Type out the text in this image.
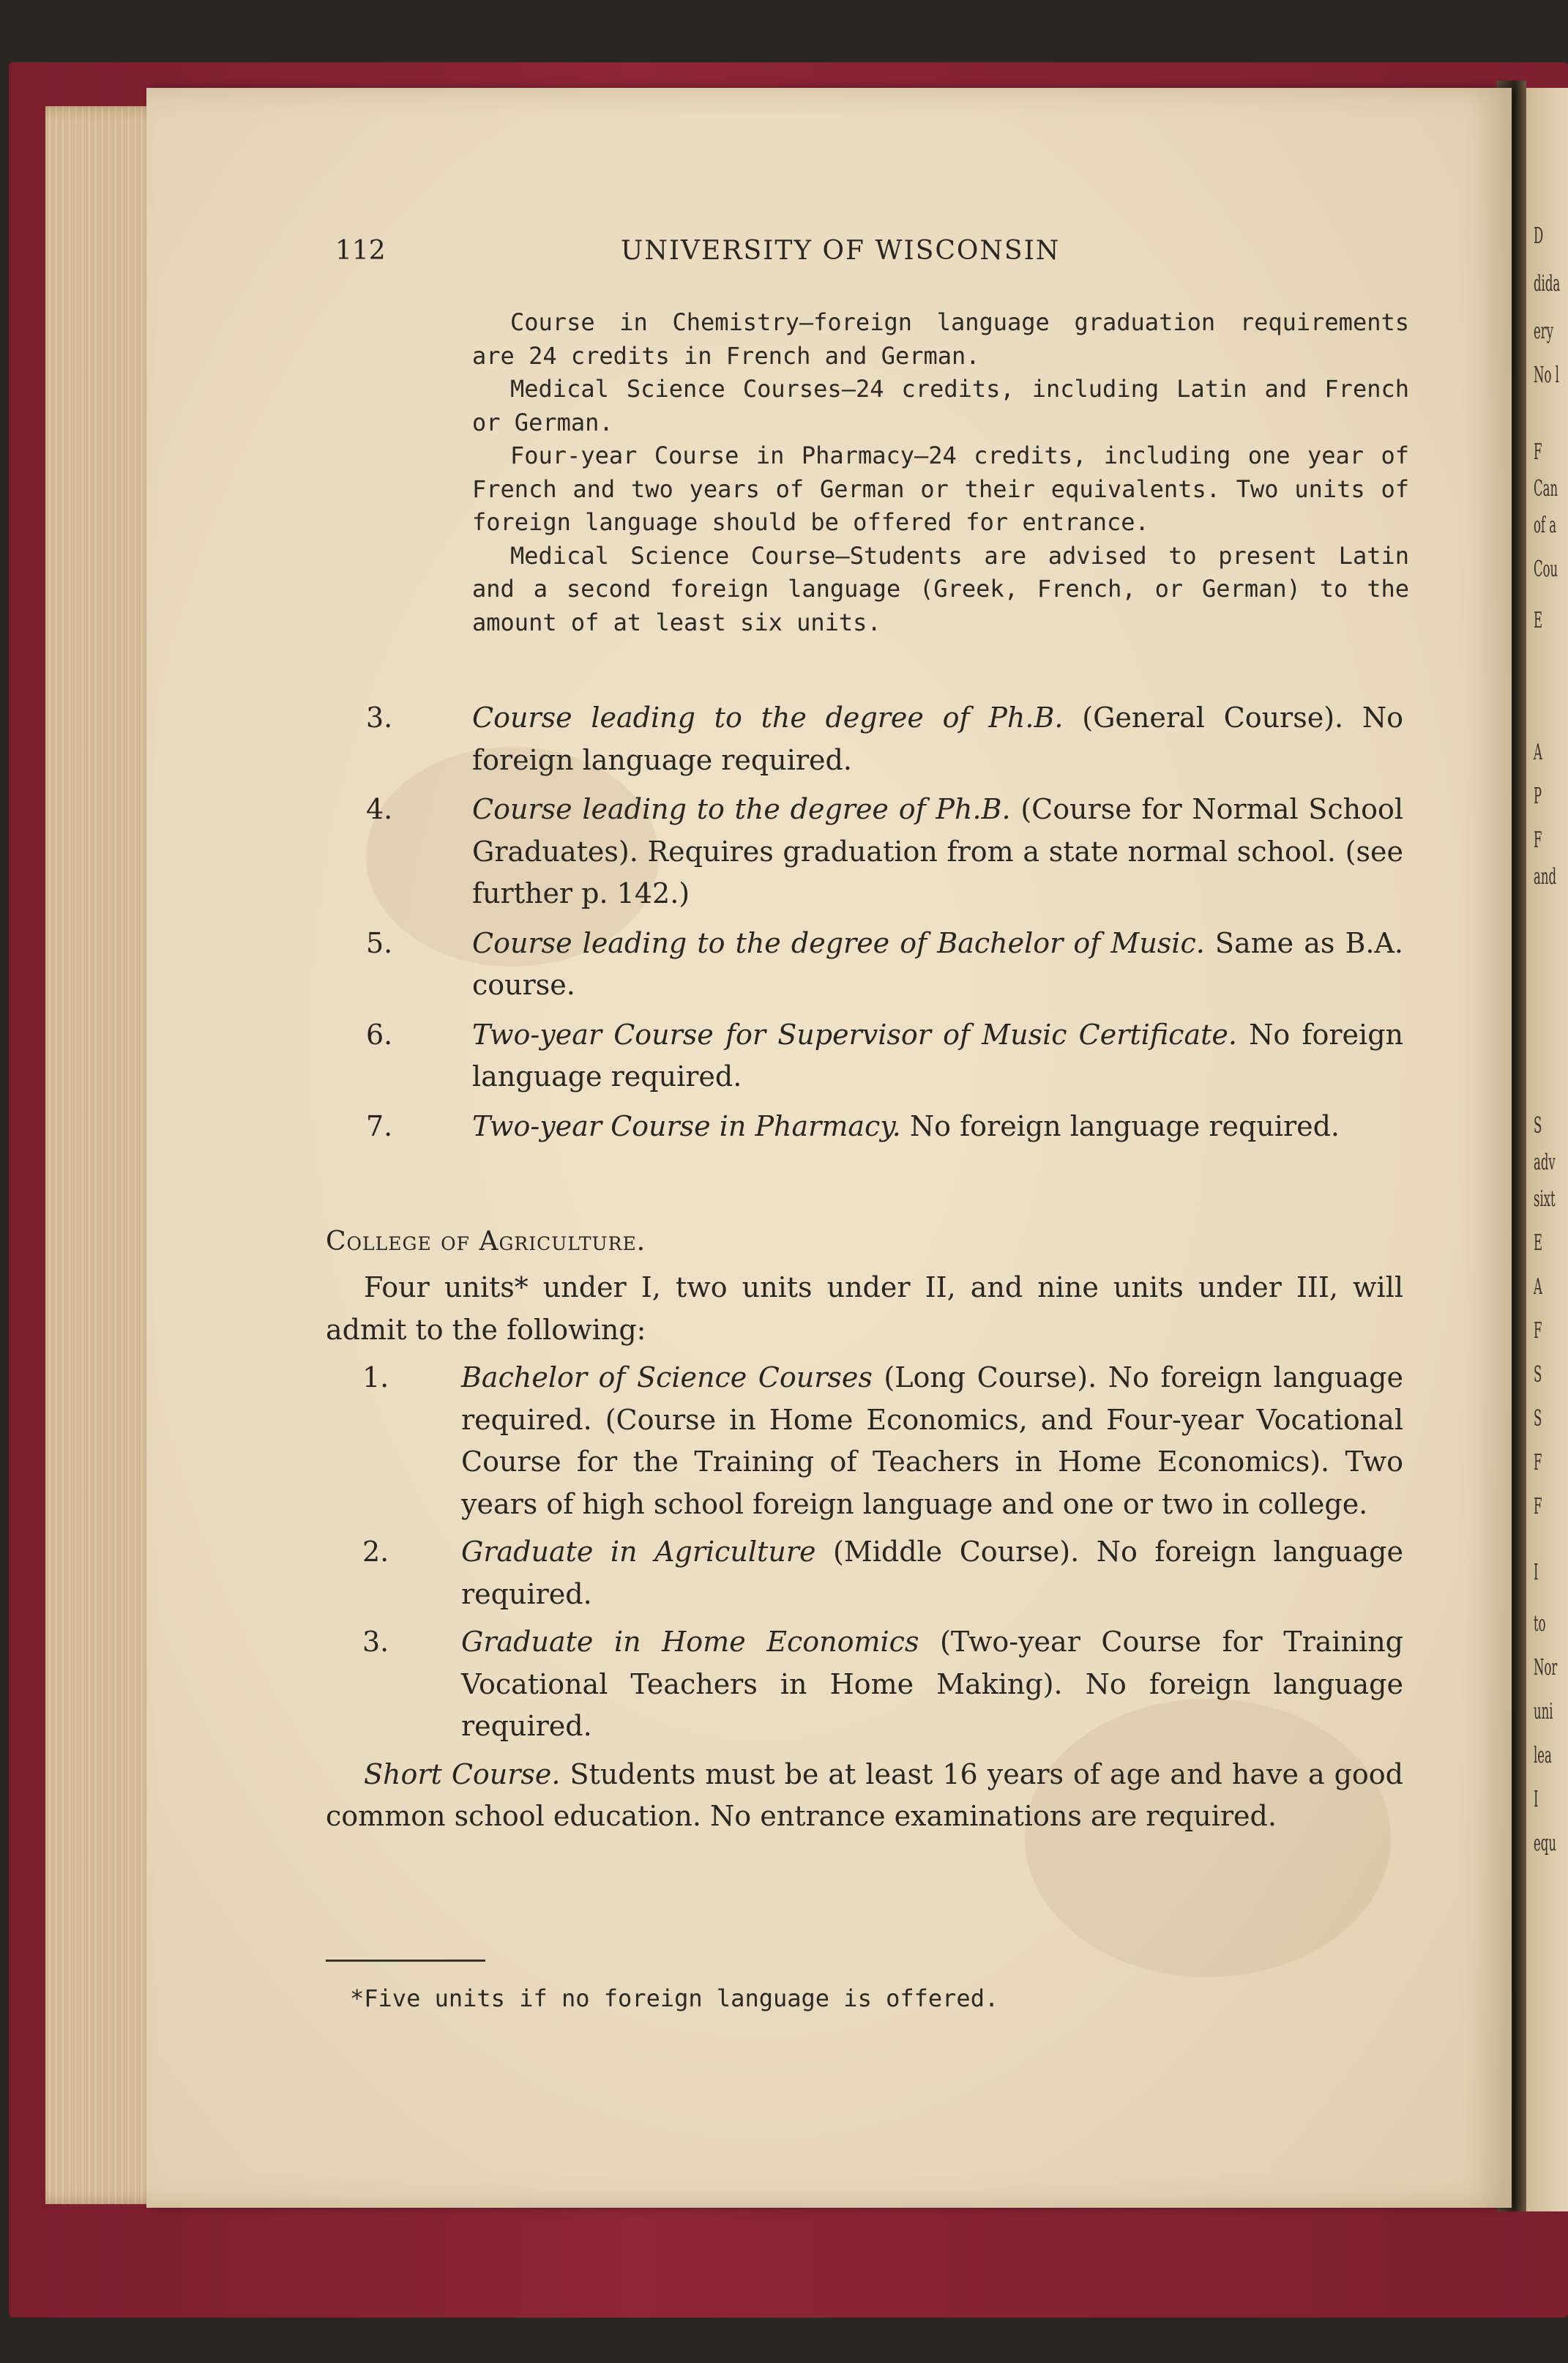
D
dida
ery
No l
F
Can
of a
Cou
E
A
P
F
and
S
adv
sixt
E
A
F
S
S
F
F
I
to
Nor
uni
lea
I
equ
112	UNIVERSITY OF WISCONSIN

Course in Chemistry—foreign language graduation requirements are 24 credits in French and German.

Medical Science Courses—24 credits, including Latin and French or German.

Four-year Course in Pharmacy—24 credits, including one year of French and two years of German or their equivalents. Two units of foreign language should be offered for entrance.

Medical Science Course—Students are advised to present Latin and a second foreign language (Greek, French, or German) to the amount of at least six units.

3.	Course leading to the degree of Ph.B. (General Course). No foreign language required.
4.	Course leading to the degree of Ph.B. (Course for Normal School Graduates). Requires graduation from a state normal school. (see further p. 142.)
5.	Course leading to the degree of Bachelor of Music. Same as B.A. course.
6.	Two-year Course for Supervisor of Music Certificate. No foreign language required.
7.	Two-year Course in Pharmacy. No foreign language required.
College of Agriculture.

Four units* under I, two units under II, and nine units under III, will admit to the following:

1.	Bachelor of Science Courses (Long Course). No foreign language required. (Course in Home Economics, and Four-year Vocational Course for the Training of Teachers in Home Economics). Two years of high school foreign language and one or two in college.
2.	Graduate in Agriculture (Middle Course). No foreign language required.
3.	Graduate in Home Economics (Two-year Course for Training Vocational Teachers in Home Making). No foreign language required.

Short Course. Students must be at least 16 years of age and have a good common school education. No entrance examinations are required.

*Five units if no foreign language is offered.
